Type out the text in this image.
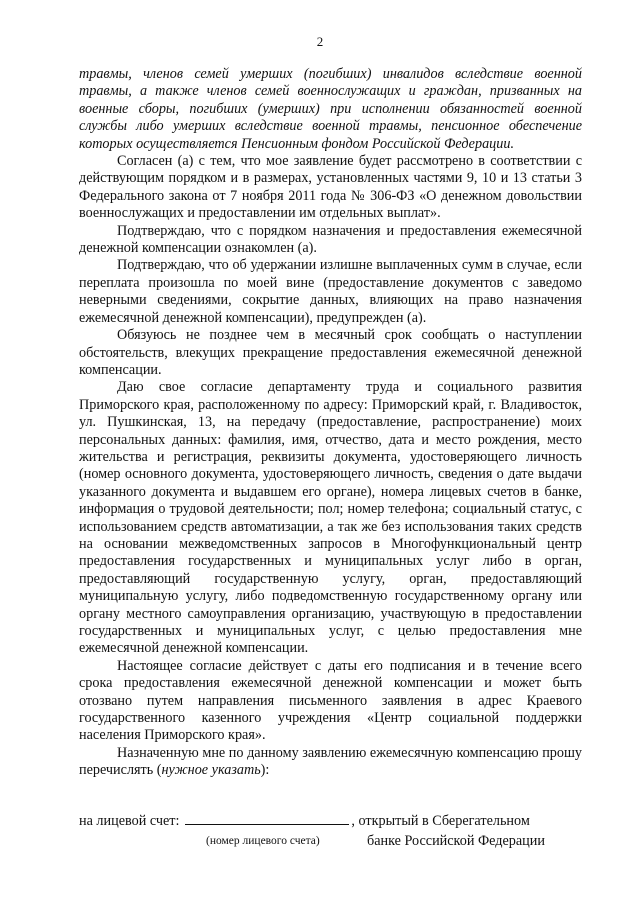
2

травмы, членов семей умерших (погибших) инвалидов вследствие военной травмы, а также членов семей военнослужащих и граждан, призванных на военные сборы, погибших (умерших) при исполнении обязанностей военной службы либо умерших вследствие военной травмы, пенсионное обеспечение которых осуществляется Пенсионным фондом Российской Федерации.

Согласен (а) с тем, что мое заявление будет рассмотрено в соответствии с действующим порядком и в размерах, установленных частями 9, 10 и 13 статьи 3 Федерального закона от 7 ноября 2011 года № 306-ФЗ «О денежном довольствии военнослужащих и предоставлении им отдельных выплат».

Подтверждаю, что с порядком назначения и предоставления ежемесячной денежной компенсации ознакомлен (а).

Подтверждаю, что об удержании излишне выплаченных сумм в случае, если переплата произошла по моей вине (предоставление документов с заведомо неверными сведениями, сокрытие данных, влияющих на право назначения ежемесячной денежной компенсации), предупрежден (а).

Обязуюсь не позднее чем в месячный срок сообщать о наступлении обстоятельств, влекущих прекращение предоставления ежемесячной денежной компенсации.

Даю свое согласие департаменту труда и социального развития Приморского края, расположенному по адресу: Приморский край, г. Владивосток, ул. Пушкинская, 13, на передачу (предоставление, распространение) моих персональных данных: фамилия, имя, отчество, дата и место рождения, место жительства и регистрация, реквизиты документа, удостоверяющего личность (номер основного документа, удостоверяющего личность, сведения о дате выдачи указанного документа и выдавшем его органе), номера лицевых счетов в банке, информация о трудовой деятельности; пол; номер телефона; социальный статус, с использованием средств автоматизации, а так же без использования таких средств на основании межведомственных запросов в Многофункциональный центр предоставления государственных и муниципальных услуг либо в орган, предоставляющий государственную услугу, орган, предоставляющий муниципальную услугу, либо подведомственную государственному органу или органу местного самоуправления организацию, участвующую в предоставлении государственных и муниципальных услуг, с целью предоставления мне ежемесячной денежной компенсации.

Настоящее согласие действует с даты его подписания и в течение всего срока предоставления ежемесячной денежной компенсации и может быть отозвано путем направления письменного заявления в адрес Краевого государственного казенного учреждения «Центр социальной поддержки населения Приморского края».

Назначенную мне по данному заявлению ежемесячную компенсацию прошу перечислять (нужное указать):

на лицевой счет:	, открытый в Сберегательном
(номер лицевого счета)	банке Российской Федерации
